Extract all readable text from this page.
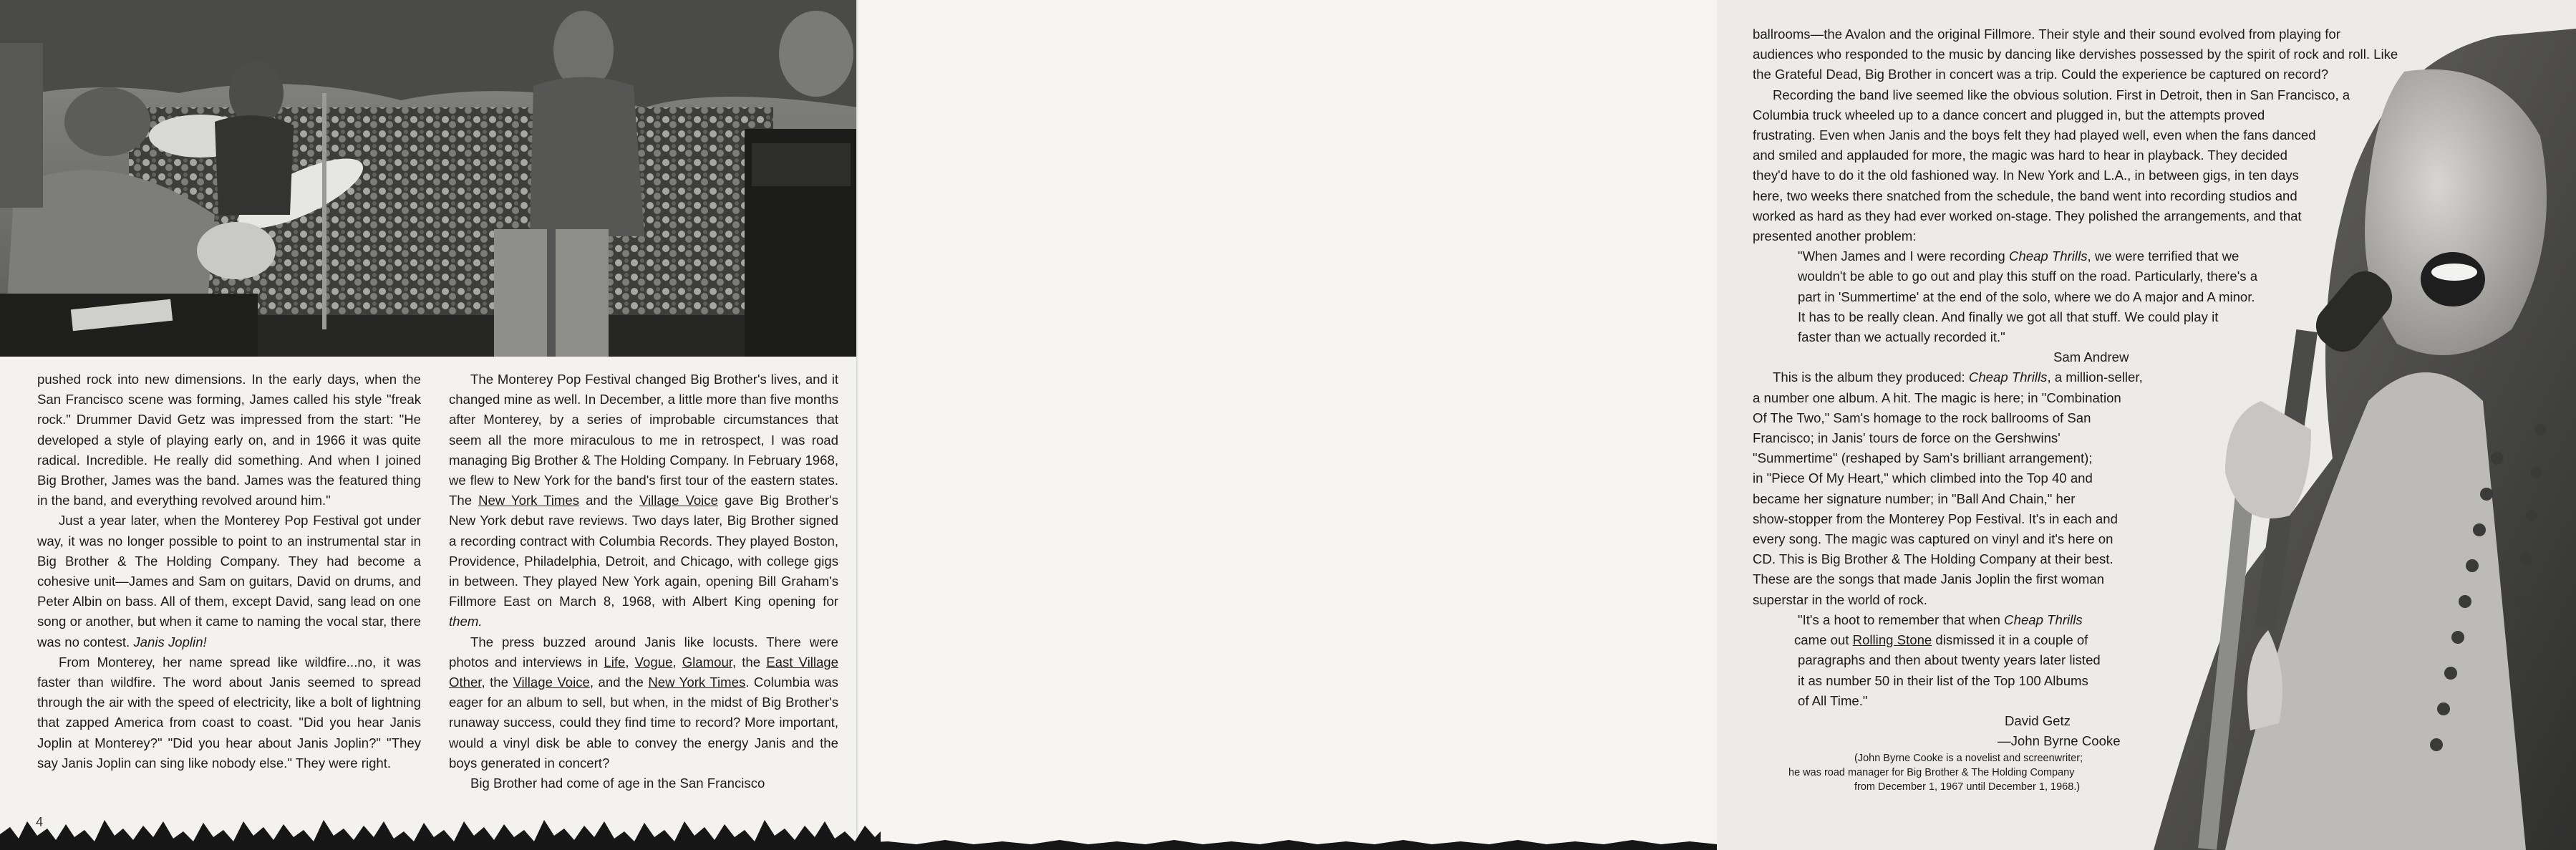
pushed rock into new dimensions. In the early days, when the San Francisco scene was forming, James called his style "freak rock." Drummer David Getz was impressed from the start: "He developed a style of playing early on, and in 1966 it was quite radical. Incredible. He really did something. And when I joined Big Brother, James was the band. James was the featured thing in the band, and everything revolved around him."

Just a year later, when the Monterey Pop Festival got under way, it was no longer possible to point to an instrumental star in Big Brother & The Holding Company. They had become a cohesive unit—James and Sam on guitars, David on drums, and Peter Albin on bass. All of them, except David, sang lead on one song or another, but when it came to naming the vocal star, there was no contest. Janis Joplin!

From Monterey, her name spread like wildfire...no, it was faster than wildfire. The word about Janis seemed to spread through the air with the speed of electricity, like a bolt of lightning that zapped America from coast to coast. "Did you hear Janis Joplin at Monterey?" "Did you hear about Janis Joplin?" "They say Janis Joplin can sing like nobody else." They were right.

The Monterey Pop Festival changed Big Brother's lives, and it changed mine as well. In December, a little more than five months after Monterey, by a series of improbable circumstances that seem all the more miraculous to me in retrospect, I was road managing Big Brother & The Holding Company. In February 1968, we flew to New York for the band's first tour of the eastern states. The New York Times and the Village Voice gave Big Brother's New York debut rave reviews. Two days later, Big Brother signed a recording contract with Columbia Records. They played Boston, Providence, Philadelphia, Detroit, and Chicago, with college gigs in between. They played New York again, opening Bill Graham's Fillmore East on March 8, 1968, with Albert King opening for them.

The press buzzed around Janis like locusts. There were photos and interviews in Life, Vogue, Glamour, the East Village Other, the Village Voice, and the New York Times. Columbia was eager for an album to sell, but when, in the midst of Big Brother's runaway success, could they find time to record? More important, would a vinyl disk be able to convey the energy Janis and the boys generated in concert?

Big Brother had come of age in the San Francisco

4
ballrooms—the Avalon and the original Fillmore. Their style and their sound evolved from playing for
audiences who responded to the music by dancing like dervishes possessed by the spirit of rock and roll. Like
the Grateful Dead, Big Brother in concert was a trip. Could the experience be captured on record?
Recording the band live seemed like the obvious solution. First in Detroit, then in San Francisco, a
Columbia truck wheeled up to a dance concert and plugged in, but the attempts proved
frustrating. Even when Janis and the boys felt they had played well, even when the fans danced
and smiled and applauded for more, the magic was hard to hear in playback. They decided
they'd have to do it the old fashioned way. In New York and L.A., in between gigs, in ten days
here, two weeks there snatched from the schedule, the band went into recording studios and
worked as hard as they had ever worked on-stage. They polished the arrangements, and that
presented another problem:
"When James and I were recording Cheap Thrills, we were terrified that we
wouldn't be able to go out and play this stuff on the road. Particularly, there's a
part in 'Summertime' at the end of the solo, where we do A major and A minor.
It has to be really clean. And finally we got all that stuff. We could play it
faster than we actually recorded it."
Sam Andrew
This is the album they produced: Cheap Thrills, a million-seller,
a number one album. A hit. The magic is here; in "Combination
Of The Two," Sam's homage to the rock ballrooms of San
Francisco; in Janis' tours de force on the Gershwins'
"Summertime" (reshaped by Sam's brilliant arrangement);
in "Piece Of My Heart," which climbed into the Top 40 and
became her signature number; in "Ball And Chain," her
show-stopper from the Monterey Pop Festival. It's in each and
every song. The magic was captured on vinyl and it's here on
CD. This is Big Brother & The Holding Company at their best.
These are the songs that made Janis Joplin the first woman
superstar in the world of rock.
"It's a hoot to remember that when Cheap Thrills
came out Rolling Stone dismissed it in a couple of
paragraphs and then about twenty years later listed
it as number 50 in their list of the Top 100 Albums
of All Time."
David Getz
—John Byrne Cooke
(John Byrne Cooke is a novelist and screenwriter;
he was road manager for Big Brother & The Holding Company
from December 1, 1967 until December 1, 1968.)
5
